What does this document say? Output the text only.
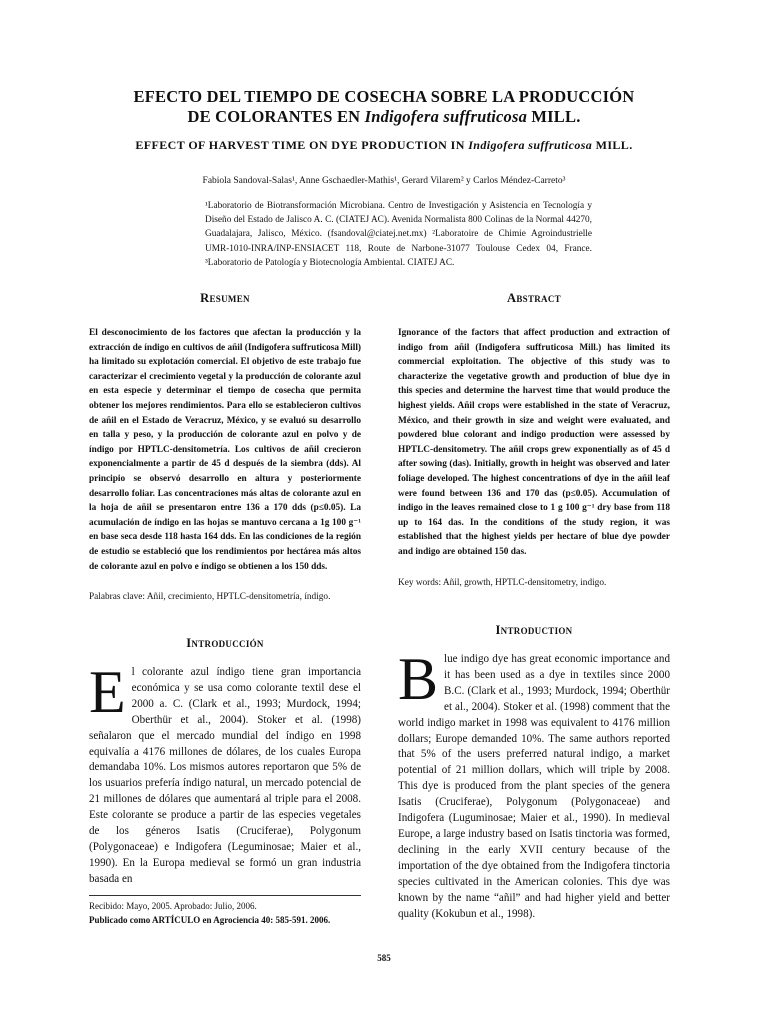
EFECTO DEL TIEMPO DE COSECHA SOBRE LA PRODUCCIÓN
DE COLORANTES EN Indigofera suffruticosa MILL.
EFFECT OF HARVEST TIME ON DYE PRODUCTION IN Indigofera suffruticosa MILL.
Fabiola Sandoval-Salas¹, Anne Gschaedler-Mathis¹, Gerard Vilarem² y Carlos Méndez-Carreto³
¹Laboratorio de Biotransformación Microbiana. Centro de Investigación y Asistencia en Tecnología y Diseño del Estado de Jalisco A. C. (CIATEJ AC). Avenida Normalista 800 Colinas de la Normal 44270, Guadalajara, Jalisco, México. (fsandoval@ciatej.net.mx) ²Laboratoire de Chimie Agroindustrielle UMR-1010-INRA/INP-ENSIACET 118, Route de Narbone-31077 Toulouse Cedex 04, France. ³Laboratorio de Patología y Biotecnología Ambiental. CIATEJ AC.
Resumen
El desconocimiento de los factores que afectan la producción y la extracción de índigo en cultivos de añil (Indigofera suffruticosa Mill) ha limitado su explotación comercial. El objetivo de este trabajo fue caracterizar el crecimiento vegetal y la producción de colorante azul en esta especie y determinar el tiempo de cosecha que permita obtener los mejores rendimientos. Para ello se establecieron cultivos de añil en el Estado de Veracruz, México, y se evaluó su desarrollo en talla y peso, y la producción de colorante azul en polvo y de índigo por HPTLC-densitometría. Los cultivos de añil crecieron exponencialmente a partir de 45 d después de la siembra (dds). Al principio se observó desarrollo en altura y posteriormente desarrollo foliar. Las concentraciones más altas de colorante azul en la hoja de añil se presentaron entre 136 a 170 dds (p≤0.05). La acumulación de índigo en las hojas se mantuvo cercana a 1g 100 g⁻¹ en base seca desde 118 hasta 164 dds. En las condiciones de la región de estudio se estableció que los rendimientos por hectárea más altos de colorante azul en polvo e índigo se obtienen a los 150 dds.
Palabras clave: Añil, crecimiento, HPTLC-densitometría, índigo.
Abstract
Ignorance of the factors that affect production and extraction of indigo from añil (Indigofera suffruticosa Mill.) has limited its commercial exploitation. The objective of this study was to characterize the vegetative growth and production of blue dye in this species and determine the harvest time that would produce the highest yields. Añil crops were established in the state of Veracruz, México, and their growth in size and weight were evaluated, and powdered blue colorant and indigo production were assessed by HPTLC-densitometry. The añil crops grew exponentially as of 45 d after sowing (das). Initially, growth in height was observed and later foliage developed. The highest concentrations of dye in the añil leaf were found between 136 and 170 das (p≤0.05). Accumulation of indigo in the leaves remained close to 1 g 100 g⁻¹ dry base from 118 up to 164 das. In the conditions of the study region, it was established that the highest yields per hectare of blue dye powder and indigo are obtained 150 das.
Key words: Añil, growth, HPTLC-densitometry, indigo.
Introducción
El colorante azul índigo tiene gran importancia económica y se usa como colorante textil dese el 2000 a. C. (Clark et al., 1993; Murdock, 1994; Oberthür et al., 2004). Stoker et al. (1998) señalaron que el mercado mundial del índigo en 1998 equivalía a 4176 millones de dólares, de los cuales Europa demandaba 10%. Los mismos autores reportaron que 5% de los usuarios prefería índigo natural, un mercado potencial de 21 millones de dólares que aumentará al triple para el 2008. Este colorante se produce a partir de las especies vegetales de los géneros Isatis (Cruciferae), Polygonum (Polygonaceae) e Indigofera (Leguminosae; Maier et al., 1990). En la Europa medieval se formó un gran industria basada en
Introduction
Blue indigo dye has great economic importance and it has been used as a dye in textiles since 2000 B.C. (Clark et al., 1993; Murdock, 1994; Oberthür et al., 2004). Stoker et al. (1998) comment that the world indigo market in 1998 was equivalent to 4176 million dollars; Europe demanded 10%. The same authors reported that 5% of the users preferred natural indigo, a market potential of 21 million dollars, which will triple by 2008. This dye is produced from the plant species of the genera Isatis (Cruciferae), Polygonum (Polygonaceae) and Indigofera (Luguminosae; Maier et al., 1990). In medieval Europe, a large industry based on Isatis tinctoria was formed, declining in the early XVII century because of the importation of the dye obtained from the Indigofera tinctoria species cultivated in the American colonies. This dye was known by the name “añil” and had higher yield and better quality (Kokubun et al., 1998).
Recibido: Mayo, 2005. Aprobado: Julio, 2006.
Publicado como ARTÍCULO en Agrociencia 40: 585-591. 2006.
585
